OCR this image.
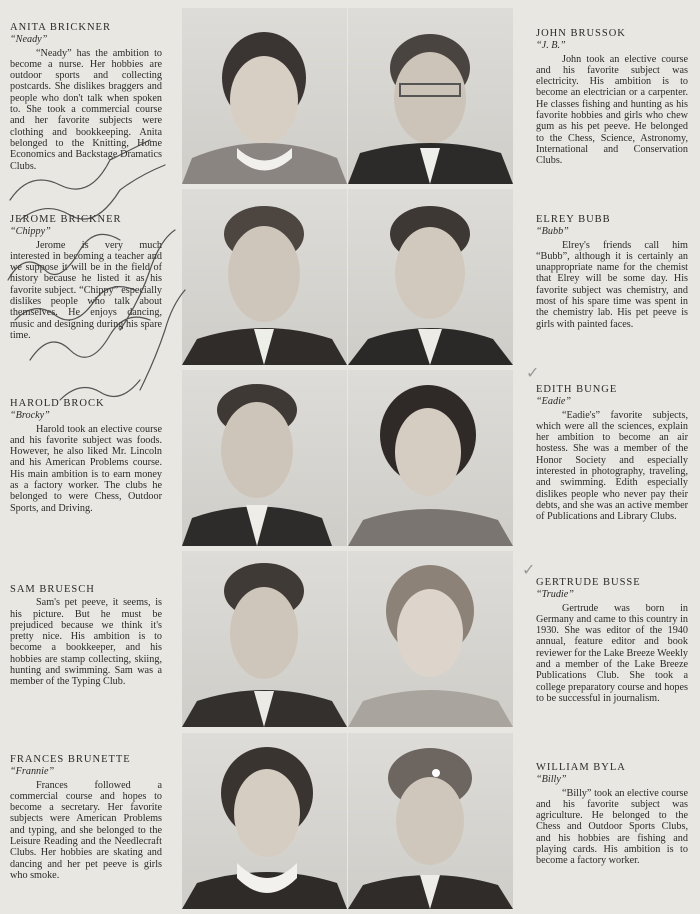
ANITA BRICKNER
“Neady”
“Neady” has the ambition to become a nurse. Her hobbies are outdoor sports and collecting postcards. She dislikes braggers and people who don't talk when spoken to. She took a commercial course and her favorite subjects were clothing and bookkeeping. Anita belonged to the Knitting, Home Economics and Backstage Dramatics Clubs.
JOHN BRUSSOK
“J. B.”
John took an elective course and his favorite subject was electricity. His ambition is to become an electrician or a carpenter. He classes fishing and hunting as his favorite hobbies and girls who chew gum as his pet peeve. He belonged to the Chess, Science, Astronomy, International and Conservation Clubs.
JEROME BRICKNER
“Chippy”
Jerome is very much interested in becoming a teacher and we suppose it will be in the field of history because he listed it as his favorite subject. “Chippy” especially dislikes people who talk about themselves. He enjoys dancing, music and designing during his spare time.
ELREY BUBB
“Bubb”
Elrey's friends call him “Bubb”, although it is certainly an unappropriate name for the chemist that Elrey will be some day. His favorite subject was chemistry, and most of his spare time was spent in the chemistry lab. His pet peeve is girls with painted faces.
HAROLD BROCK
“Brocky”
Harold took an elective course and his favorite subject was foods. However, he also liked Mr. Lincoln and his American Problems course. His main ambition is to earn money as a factory worker. The clubs he belonged to were Chess, Outdoor Sports, and Driving.
EDITH BUNGE
“Eadie”
“Eadie's” favorite subjects, which were all the sciences, explain her ambition to become an air hostess. She was a member of the Honor Society and especially interested in photography, traveling, and swimming. Edith especially dislikes people who never pay their debts, and she was an active member of Publications and Library Clubs.
SAM BRUESCH
Sam's pet peeve, it seems, is his picture. But he must be prejudiced because we think it's pretty nice. His ambition is to become a bookkeeper, and his hobbies are stamp collecting, skiing, hunting and swimming. Sam was a member of the Typing Club.
GERTRUDE BUSSE
“Trudie”
Gertrude was born in Germany and came to this country in 1930. She was editor of the 1940 annual, feature editor and book reviewer for the Lake Breeze Weekly and a member of the Lake Breeze Publications Club. She took a college preparatory course and hopes to be successful in journalism.
FRANCES BRUNETTE
“Frannie”
Frances followed a commercial course and hopes to become a secretary. Her favorite subjects were American Problems and typing, and she belonged to the Leisure Reading and the Needlecraft Clubs. Her hobbies are skating and dancing and her pet peeve is girls who smoke.
WILLIAM BYLA
“Billy”
“Billy” took an elective course and his favorite subject was agriculture. He belonged to the Chess and Outdoor Sports Clubs, and his hobbies are fishing and playing cards. His ambition is to become a factory worker.
✓
✓
